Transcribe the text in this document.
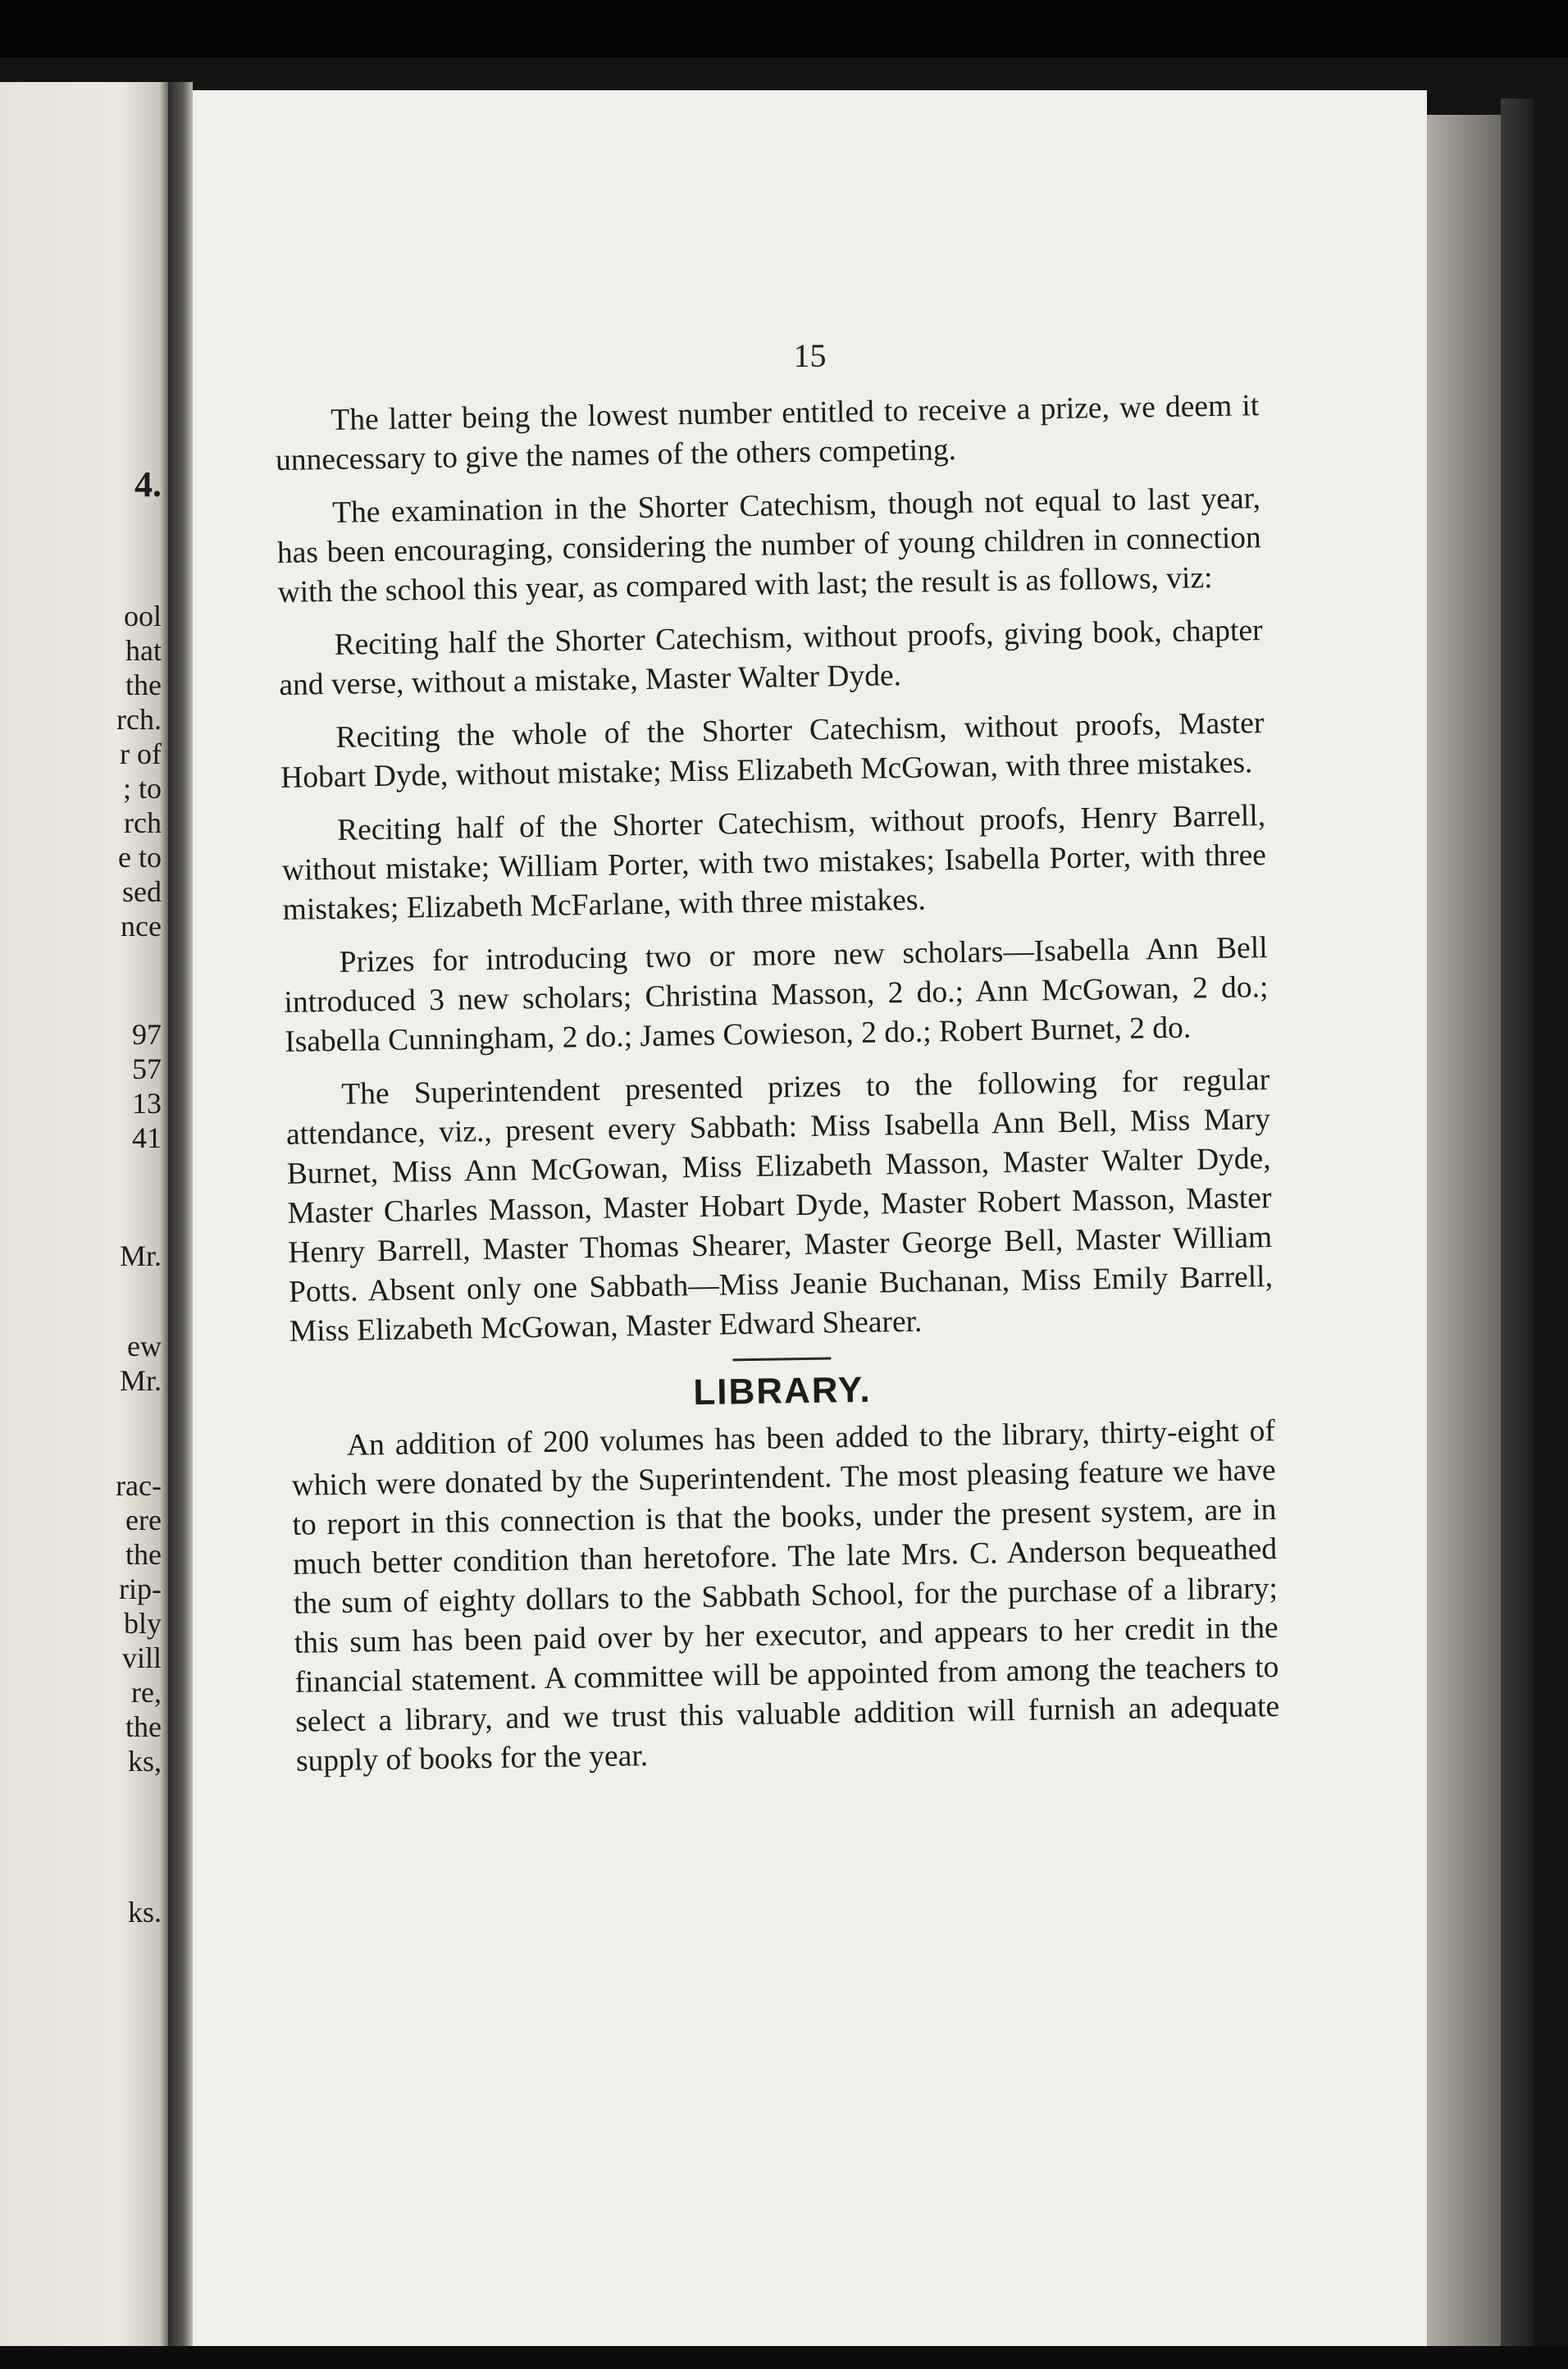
4.
ool
hat
the
rch.
r of
; to
rch
e to
sed
nce
97
57
13
41
Mr.
ew
Mr.
rac-
ere
the
rip-
bly
vill
re,
the
ks,
ks.
15

The latter being the lowest number entitled to receive a prize, we deem it unnecessary to give the names of the others competing.

The examination in the Shorter Catechism, though not equal to last year, has been encouraging, considering the number of young children in connection with the school this year, as compared with last; the result is as follows, viz:

Reciting half the Shorter Catechism, without proofs, giving book, chapter and verse, without a mistake, Master Walter Dyde.

Reciting the whole of the Shorter Catechism, without proofs, Master Hobart Dyde, without mistake; Miss Elizabeth McGowan, with three mistakes.

Reciting half of the Shorter Catechism, without proofs, Henry Barrell, without mistake; William Porter, with two mistakes; Isabella Porter, with three mistakes; Elizabeth McFarlane, with three mistakes.

Prizes for introducing two or more new scholars—Isabella Ann Bell introduced 3 new scholars; Christina Masson, 2 do.; Ann McGowan, 2 do.; Isabella Cunningham, 2 do.; James Cowieson, 2 do.; Robert Burnet, 2 do.

The Superintendent presented prizes to the following for regular attendance, viz., present every Sabbath: Miss Isabella Ann Bell, Miss Mary Burnet, Miss Ann McGowan, Miss Elizabeth Masson, Master Walter Dyde, Master Charles Masson, Master Hobart Dyde, Master Robert Masson, Master Henry Barrell, Master Thomas Shearer, Master George Bell, Master William Potts. Absent only one Sabbath—Miss Jeanie Buchanan, Miss Emily Barrell, Miss Elizabeth McGowan, Master Edward Shearer.

LIBRARY.

An addition of 200 volumes has been added to the library, thirty-eight of which were donated by the Superintendent. The most pleasing feature we have to report in this connection is that the books, under the present system, are in much better condition than heretofore. The late Mrs. C. Anderson bequeathed the sum of eighty dollars to the Sabbath School, for the purchase of a library; this sum has been paid over by her executor, and appears to her credit in the financial statement. A committee will be appointed from among the teachers to select a library, and we trust this valuable addition will furnish an adequate supply of books for the year.
